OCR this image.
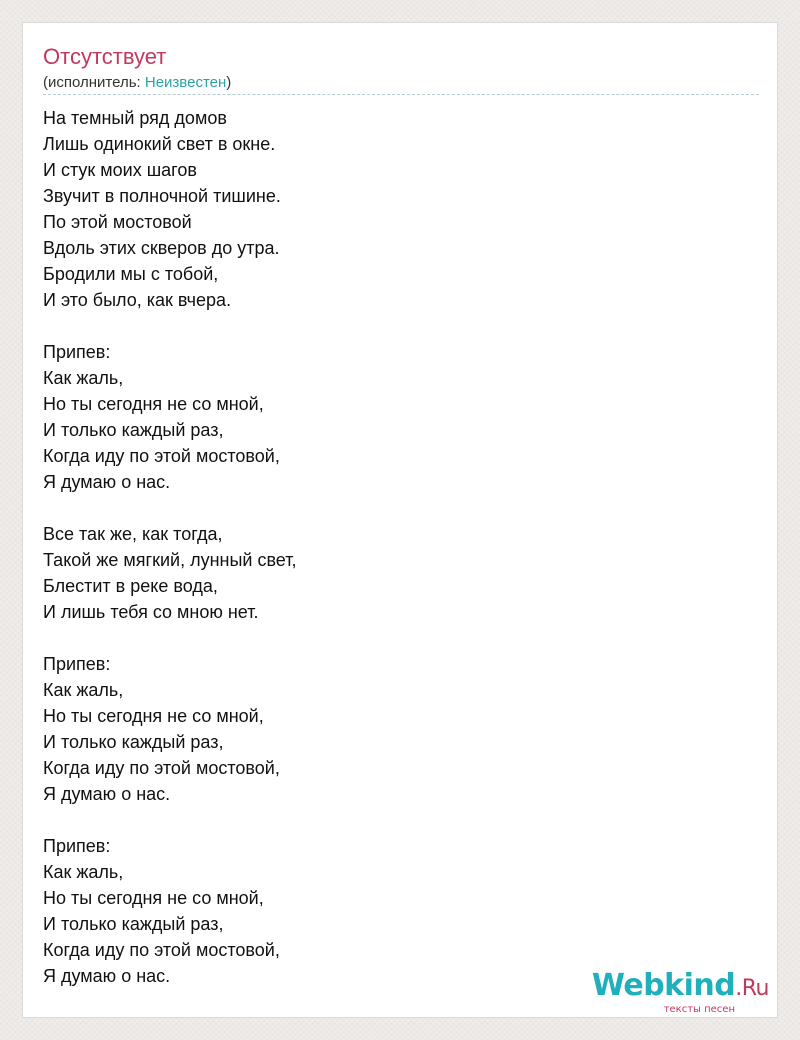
Отсутствует
(исполнитель: Неизвестен)
На темный ряд домов
Лишь одинокий свет в окне.
И стук моих шагов
Звучит в полночной тишине.
По этой мостовой
Вдоль этих скверов до утра.
Бродили мы с тобой,
И это было, как вчера.
Припев:
Как жаль,
Но ты сегодня не со мной,
И только каждый раз,
Когда иду по этой мостовой,
Я думаю о нас.
Все так же, как тогда,
Такой же мягкий, лунный свет,
Блестит в реке вода,
И лишь тебя со мною нет.
Припев:
Как жаль,
Но ты сегодня не со мной,
И только каждый раз,
Когда иду по этой мостовой,
Я думаю о нас.
Припев:
Как жаль,
Но ты сегодня не со мной,
И только каждый раз,
Когда иду по этой мостовой,
Я думаю о нас.	Webkind.Ru
тексты песен
